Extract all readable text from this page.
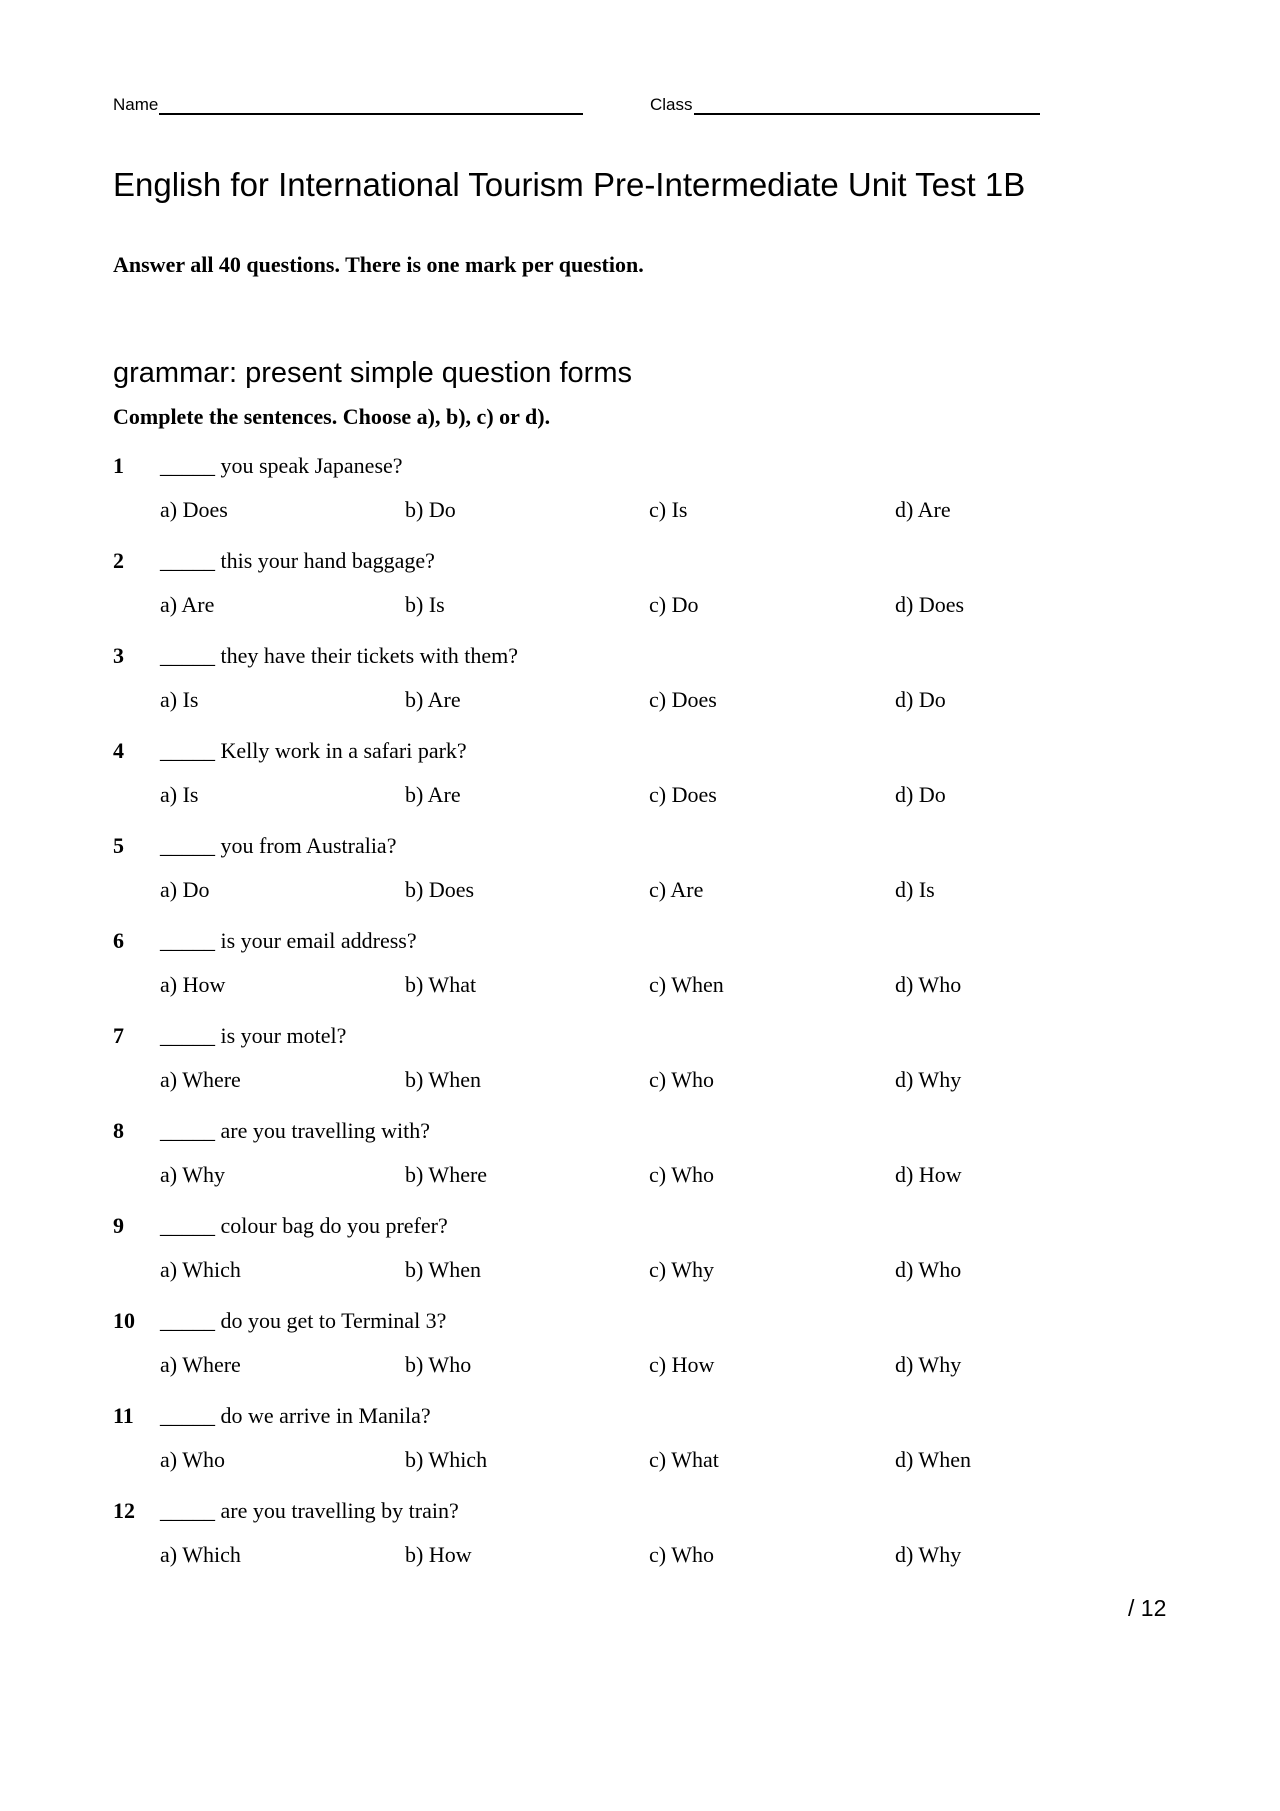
Name	Class
English for International Tourism Pre-Intermediate Unit Test 1B

Answer all 40 questions. There is one mark per question.

grammar: present simple question forms

Complete the sentences. Choose a), b), c) or d).

1 _____ you speak Japanese?
a) Does	b) Do	c) Is	d) Are
2 _____ this your hand baggage?
a) Are	b) Is	c) Do	d) Does
3 _____ they have their tickets with them?
a) Is	b) Are	c) Does	d) Do
4 _____ Kelly work in a safari park?
a) Is	b) Are	c) Does	d) Do
5 _____ you from Australia?
a) Do	b) Does	c) Are	d) Is
6 _____ is your email address?
a) How	b) What	c) When	d) Who
7 _____ is your motel?
a) Where	b) When	c) Who	d) Why
8 _____ are you travelling with?
a) Why	b) Where	c) Who	d) How
9 _____ colour bag do you prefer?
a) Which	b) When	c) Why	d) Who
10 _____ do you get to Terminal 3?
a) Where	b) Who	c) How	d) Why
11 _____ do we arrive in Manila?
a) Who	b) Which	c) What	d) When
12 _____ are you travelling by train?
a) Which	b) How	c) Who	d) Why

/ 12
